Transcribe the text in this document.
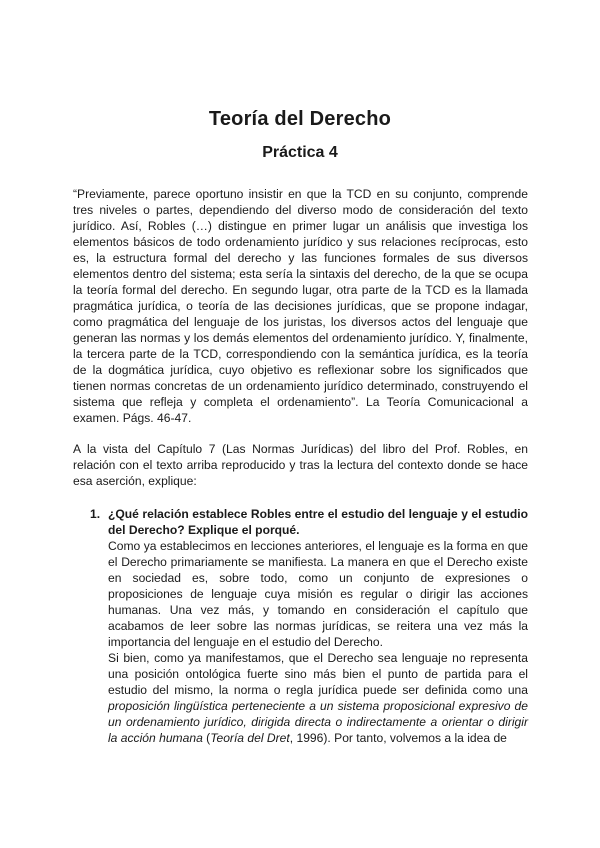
Teoría del Derecho
Práctica 4

“Previamente, parece oportuno insistir en que la TCD en su conjunto, comprende tres niveles o partes, dependiendo del diverso modo de consideración del texto jurídico. Así, Robles (…) distingue en primer lugar un análisis que investiga los elementos básicos de todo ordenamiento jurídico y sus relaciones recíprocas, esto es, la estructura formal del derecho y las funciones formales de sus diversos elementos dentro del sistema; esta sería la sintaxis del derecho, de la que se ocupa la teoría formal del derecho. En segundo lugar, otra parte de la TCD es la llamada pragmática jurídica, o teoría de las decisiones jurídicas, que se propone indagar, como pragmática del lenguaje de los juristas, los diversos actos del lenguaje que generan las normas y los demás elementos del ordenamiento jurídico. Y, finalmente, la tercera parte de la TCD, correspondiendo con la semántica jurídica, es la teoría de la dogmática jurídica, cuyo objetivo es reflexionar sobre los significados que tienen normas concretas de un ordenamiento jurídico determinado, construyendo el sistema que refleja y completa el ordenamiento”. La Teoría Comunicacional a examen. Págs. 46-47.

A la vista del Capítulo 7 (Las Normas Jurídicas) del libro del Prof. Robles, en relación con el texto arriba reproducido y tras la lectura del contexto donde se hace esa aserción, explique:

1. ¿Qué relación establece Robles entre el estudio del lenguaje y el estudio del Derecho? Explique el porqué.

Como ya establecimos en lecciones anteriores, el lenguaje es la forma en que el Derecho primariamente se manifiesta. La manera en que el Derecho existe en sociedad es, sobre todo, como un conjunto de expresiones o proposiciones de lenguaje cuya misión es regular o dirigir las acciones humanas. Una vez más, y tomando en consideración el capítulo que acabamos de leer sobre las normas jurídicas, se reitera una vez más la importancia del lenguaje en el estudio del Derecho.

Si bien, como ya manifestamos, que el Derecho sea lenguaje no representa una posición ontológica fuerte sino más bien el punto de partida para el estudio del mismo, la norma o regla jurídica puede ser definida como una proposición lingüística perteneciente a un sistema proposicional expresivo de un ordenamiento jurídico, dirigida directa o indirectamente a orientar o dirigir la acción humana (Teoría del Dret, 1996). Por tanto, volvemos a la idea de
